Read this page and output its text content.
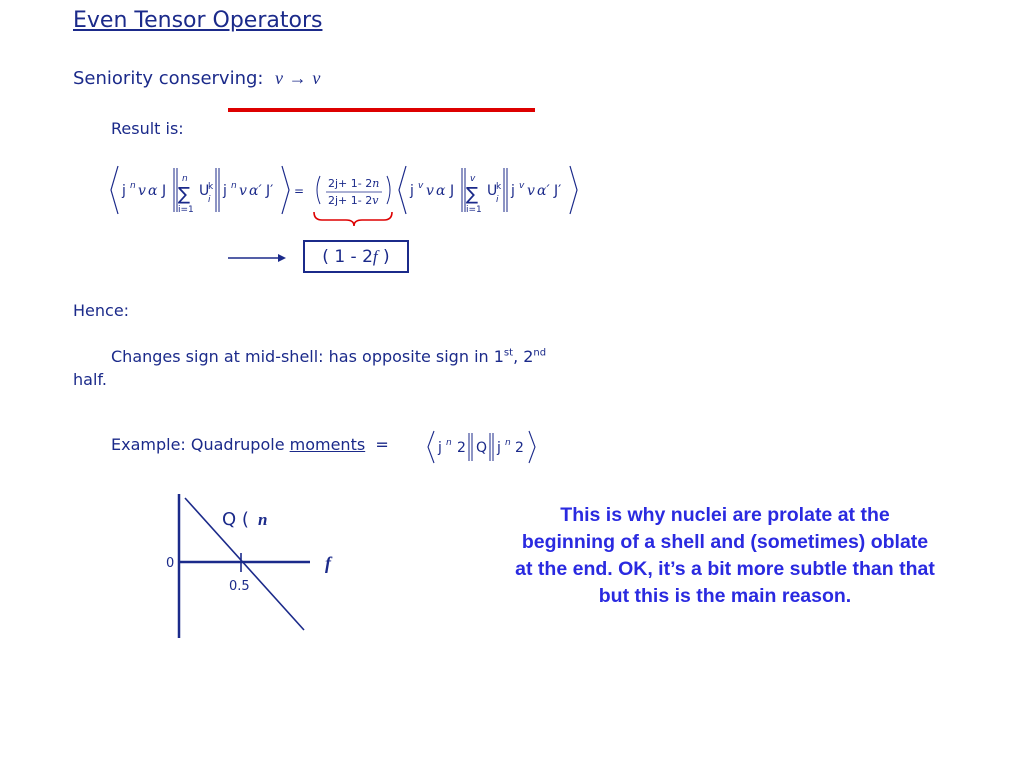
Even Tensor Operators
Seniority conserving: v → v
Result is:
j n v α J
n
∑
i=1
U
k
i
j n v α′ J′ =
2j+ 1- 2n
2j+ 1- 2v
j v v α J
v
∑
i=1
U
k
i
j v v α′ J′
( 1 - 2f )
Hence:
Changes sign at mid-shell: has opposite sign in 1st, 2nd
half.
Example: Quadrupole moments =	j n 2 Q j n 2
0
0.5
Q ( n
f
This is why nuclei are prolate at the beginning of a shell and (sometimes) oblate at the end. OK, it’s a bit more subtle than that but this is the main reason.
